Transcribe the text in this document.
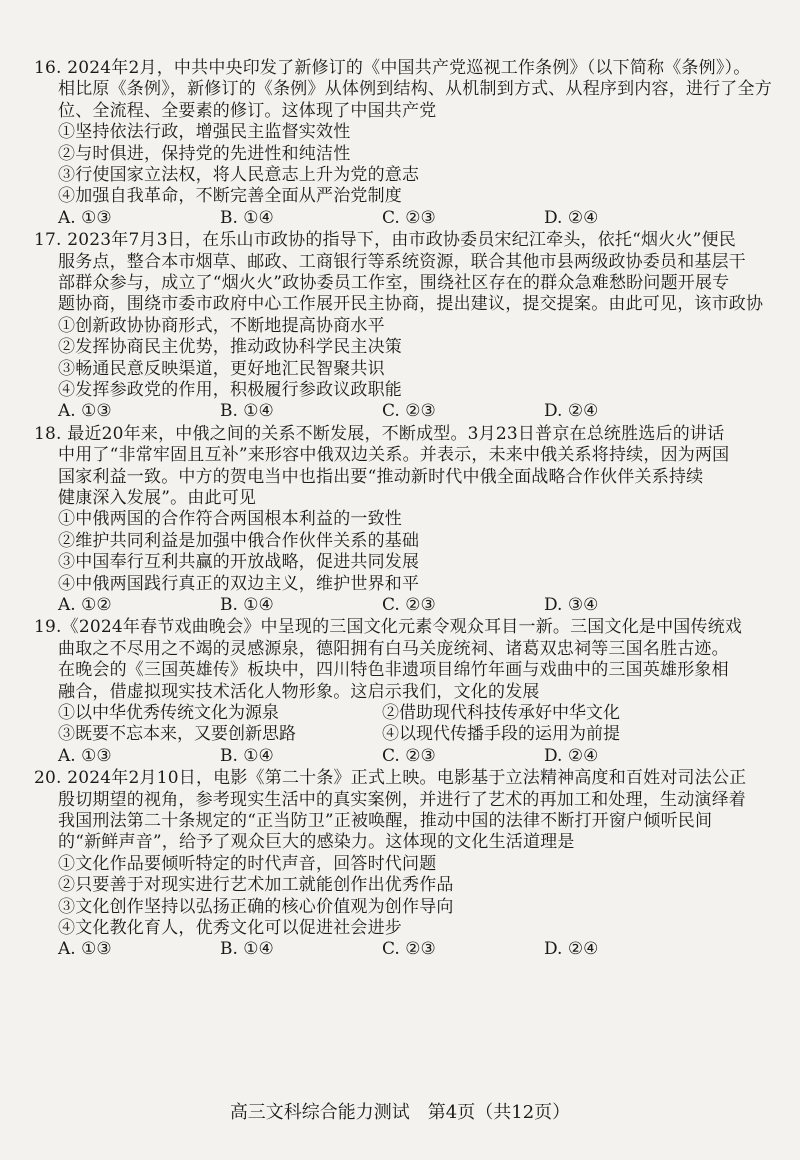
高三文科综合能力测试　第4页（共12页）
16. 2024年2月，中共中央印发了新修订的《中国共产党巡视工作条例》（以下简称《条例》）。
相比原《条例》，新修订的《条例》从体例到结构、从机制到方式、从程序到内容，进行了全方
位、全流程、全要素的修订。这体现了中国共产党
①坚持依法行政，增强民主监督实效性
②与时俱进，保持党的先进性和纯洁性
③行使国家立法权，将人民意志上升为党的意志
④加强自我革命，不断完善全面从严治党制度
A. ①③	B. ①④	C. ②③	D. ②④
17. 2023年7月3日，在乐山市政协的指导下，由市政协委员宋纪江牵头，依托“烟火火”便民
服务点，整合本市烟草、邮政、工商银行等系统资源，联合其他市县两级政协委员和基层干
部群众参与，成立了“烟火火”政协委员工作室，围绕社区存在的群众急难愁盼问题开展专
题协商，围绕市委市政府中心工作展开民主协商，提出建议，提交提案。由此可见，该市政协
①创新政协协商形式，不断地提高协商水平
②发挥协商民主优势，推动政协科学民主决策
③畅通民意反映渠道，更好地汇民智聚共识
④发挥参政党的作用，积极履行参政议政职能
A. ①③	B. ①④	C. ②③	D. ②④
18. 最近20年来，中俄之间的关系不断发展，不断成型。3月23日普京在总统胜选后的讲话
中用了“非常牢固且互补”来形容中俄双边关系。并表示，未来中俄关系将持续，因为两国
国家利益一致。中方的贺电当中也指出要“推动新时代中俄全面战略合作伙伴关系持续
健康深入发展”。由此可见
①中俄两国的合作符合两国根本利益的一致性
②维护共同利益是加强中俄合作伙伴关系的基础
③中国奉行互利共赢的开放战略，促进共同发展
④中俄两国践行真正的双边主义，维护世界和平
A. ①②	B. ①④	C. ②③	D. ③④
19.《2024年春节戏曲晚会》中呈现的三国文化元素令观众耳目一新。三国文化是中国传统戏
曲取之不尽用之不竭的灵感源泉，德阳拥有白马关庞统祠、诸葛双忠祠等三国名胜古迹。
在晚会的《三国英雄传》板块中，四川特色非遗项目绵竹年画与戏曲中的三国英雄形象相
融合，借虚拟现实技术活化人物形象。这启示我们，文化的发展
①以中华优秀传统文化为源泉	②借助现代科技传承好中华文化
③既要不忘本来，又要创新思路	④以现代传播手段的运用为前提
A. ①③	B. ①④	C. ②③	D. ②④
20. 2024年2月10日，电影《第二十条》正式上映。电影基于立法精神高度和百姓对司法公正
殷切期望的视角，参考现实生活中的真实案例，并进行了艺术的再加工和处理，生动演绎着
我国刑法第二十条规定的“正当防卫”正被唤醒，推动中国的法律不断打开窗户倾听民间
的“新鲜声音”，给予了观众巨大的感染力。这体现的文化生活道理是
①文化作品要倾听特定的时代声音，回答时代问题
②只要善于对现实进行艺术加工就能创作出优秀作品
③文化创作坚持以弘扬正确的核心价值观为创作导向
④文化教化育人，优秀文化可以促进社会进步
A. ①③	B. ①④	C. ②③	D. ②④
